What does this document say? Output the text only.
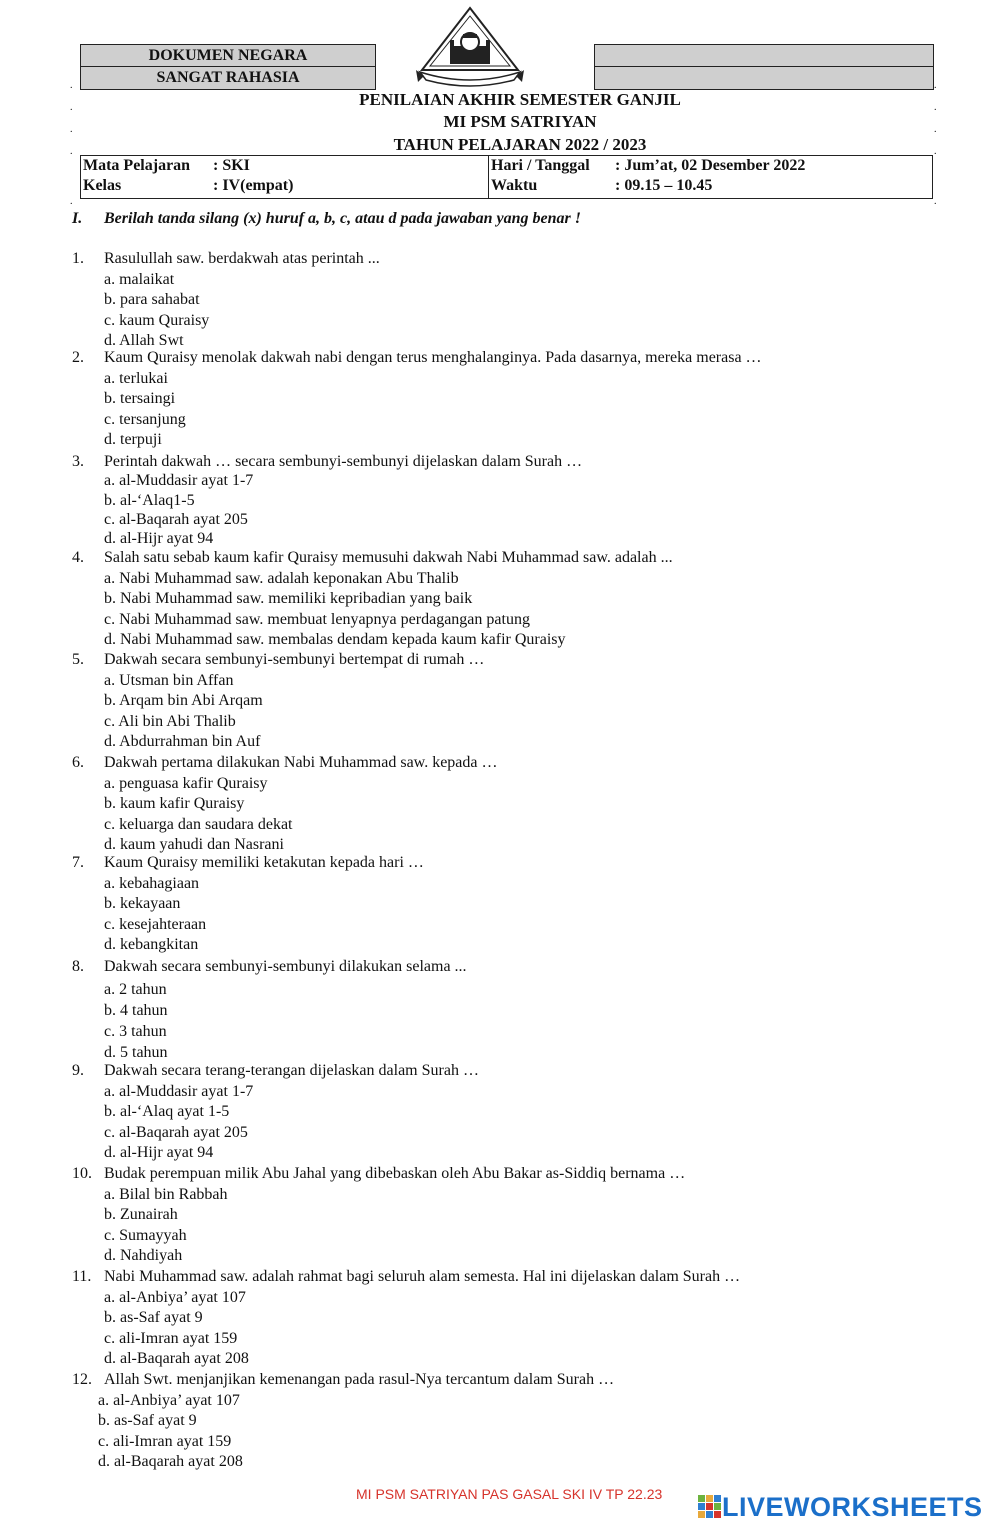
DOKUMEN NEGARA
SANGAT RAHASIA
.	.
.	.
.	.
.	.
.	.
PENILAIAN AKHIR SEMESTER GANJIL
MI PSM SATRIYAN
TAHUN PELAJARAN 2022 / 2023
Mata Pelajaran : SKI
Kelas	: IV(empat)
Hari / Tanggal : Jum’at, 02 Desember 2022
Waktu	: 09.15 – 10.45
I. Berilah tanda silang (x) huruf a, b, c, atau d pada jawaban yang benar !
1. Rasulullah saw. berdakwah atas perintah ...
a. malaikat
b. para sahabat
c. kaum Quraisy
d. Allah Swt
2. Kaum Quraisy menolak dakwah nabi dengan terus menghalanginya. Pada dasarnya, mereka merasa …
a. terlukai
b. tersaingi
c. tersanjung
d. terpuji
3. Perintah dakwah … secara sembunyi-sembunyi dijelaskan dalam Surah …
a. al-Muddasir ayat 1-7
b. al-‘Alaq1-5
c. al-Baqarah ayat 205
d. al-Hijr ayat 94
4. Salah satu sebab kaum kafir Quraisy memusuhi dakwah Nabi Muhammad saw. adalah ...
a. Nabi Muhammad saw. adalah keponakan Abu Thalib
b. Nabi Muhammad saw. memiliki kepribadian yang baik
c. Nabi Muhammad saw. membuat lenyapnya perdagangan patung
d. Nabi Muhammad saw. membalas dendam kepada kaum kafir Quraisy
5. Dakwah secara sembunyi-sembunyi bertempat di rumah …
a. Utsman bin Affan
b. Arqam bin Abi Arqam
c. Ali bin Abi Thalib
d. Abdurrahman bin Auf
6. Dakwah pertama dilakukan Nabi Muhammad saw. kepada …
a. penguasa kafir Quraisy
b. kaum kafir Quraisy
c. keluarga dan saudara dekat
d. kaum yahudi dan Nasrani
7. Kaum Quraisy memiliki ketakutan kepada hari …
a. kebahagiaan
b. kekayaan
c. kesejahteraan
d. kebangkitan
8. Dakwah secara sembunyi-sembunyi dilakukan selama ...
a. 2 tahun
b. 4 tahun
c. 3 tahun
d. 5 tahun
9. Dakwah secara terang-terangan dijelaskan dalam Surah …
a. al-Muddasir ayat 1-7
b. al-‘Alaq ayat 1-5
c. al-Baqarah ayat 205
d. al-Hijr ayat 94
10. Budak perempuan milik Abu Jahal yang dibebaskan oleh Abu Bakar as-Siddiq bernama …
a. Bilal bin Rabbah
b. Zunairah
c. Sumayyah
d. Nahdiyah
11. Nabi Muhammad saw. adalah rahmat bagi seluruh alam semesta. Hal ini dijelaskan dalam Surah …
a. al-Anbiya’ ayat 107
b. as-Saf ayat 9
c. ali-Imran ayat 159
d. al-Baqarah ayat 208
12. Allah Swt. menjanjikan kemenangan pada rasul-Nya tercantum dalam Surah …
a. al-Anbiya’ ayat 107
b. as-Saf ayat 9
c. ali-Imran ayat 159
d. al-Baqarah ayat 208
MI PSM SATRIYAN PAS GASAL SKI IV TP 22.23 LIVEWORKSHEETS
